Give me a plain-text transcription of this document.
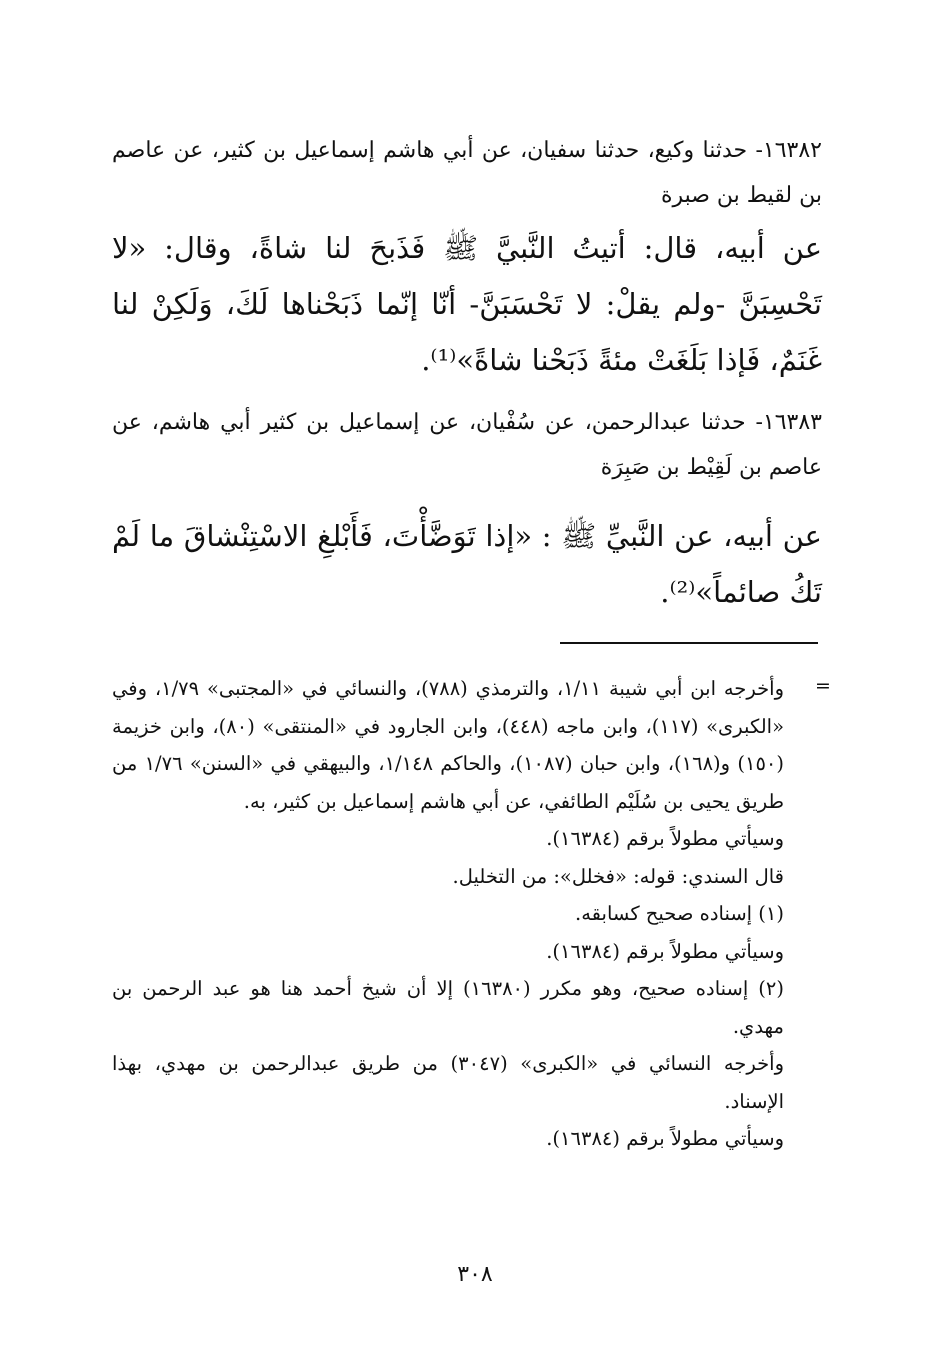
١٦٣٨٢- حدثنا وكيع، حدثنا سفيان، عن أبي هاشم إسماعيل بن كثير، عن عاصم بن لقيط بن صبرة

عن أبيه، قال: أتيتُ النَّبيَّ ﷺ فَذَبحَ لنا شاةً، وقال: «لا تَحْسِبَنَّ -ولم يقلْ: لا تَحْسَبَنَّ- أنّا إنّما ذَبَحْناها لَكَ، وَلَكِنْ لنا غَنَمٌ، فَإذا بَلَغَتْ مئةً ذَبَحْنا شاةً»⁽¹⁾.

١٦٣٨٣- حدثنا عبدالرحمن، عن سُفْيان، عن إسماعيل بن كثير أبي هاشم، عن عاصم بن لَقِيْط بن صَبِرَة

عن أبيه، عن النَّبيِّ ﷺ : «إذا تَوَضَّأْتَ، فَأَبْلغِ الاسْتِنْشاقَ ما لَمْ تَكُ صائماً»⁽²⁾.

=

وأخرجه ابن أبي شيبة ١/١١، والترمذي (٧٨٨)، والنسائي في «المجتبى» ١/٧٩، وفي «الكبرى» (١١٧)، وابن ماجه (٤٤٨)، وابن الجارود في «المنتقى» (٨٠)، وابن خزيمة (١٥٠) و(١٦٨)، وابن حبان (١٠٨٧)، والحاكم ١/١٤٨، والبيهقي في «السنن» ١/٧٦ من طريق يحيى بن سُلَيْم الطائفي، عن أبي هاشم إسماعيل بن كثير، به.

وسيأتي مطولاً برقم (١٦٣٨٤).

قال السندي: قوله: «فخلل»: من التخليل.

(١) إسناده صحيح كسابقه.

وسيأتي مطولاً برقم (١٦٣٨٤).

(٢) إسناده صحيح، وهو مكرر (١٦٣٨٠) إلا أن شيخ أحمد هنا هو عبد الرحمن بن مهدي.

وأخرجه النسائي في «الكبرى» (٣٠٤٧) من طريق عبدالرحمن بن مهدي، بهذا الإسناد.

وسيأتي مطولاً برقم (١٦٣٨٤).

٣٠٨
